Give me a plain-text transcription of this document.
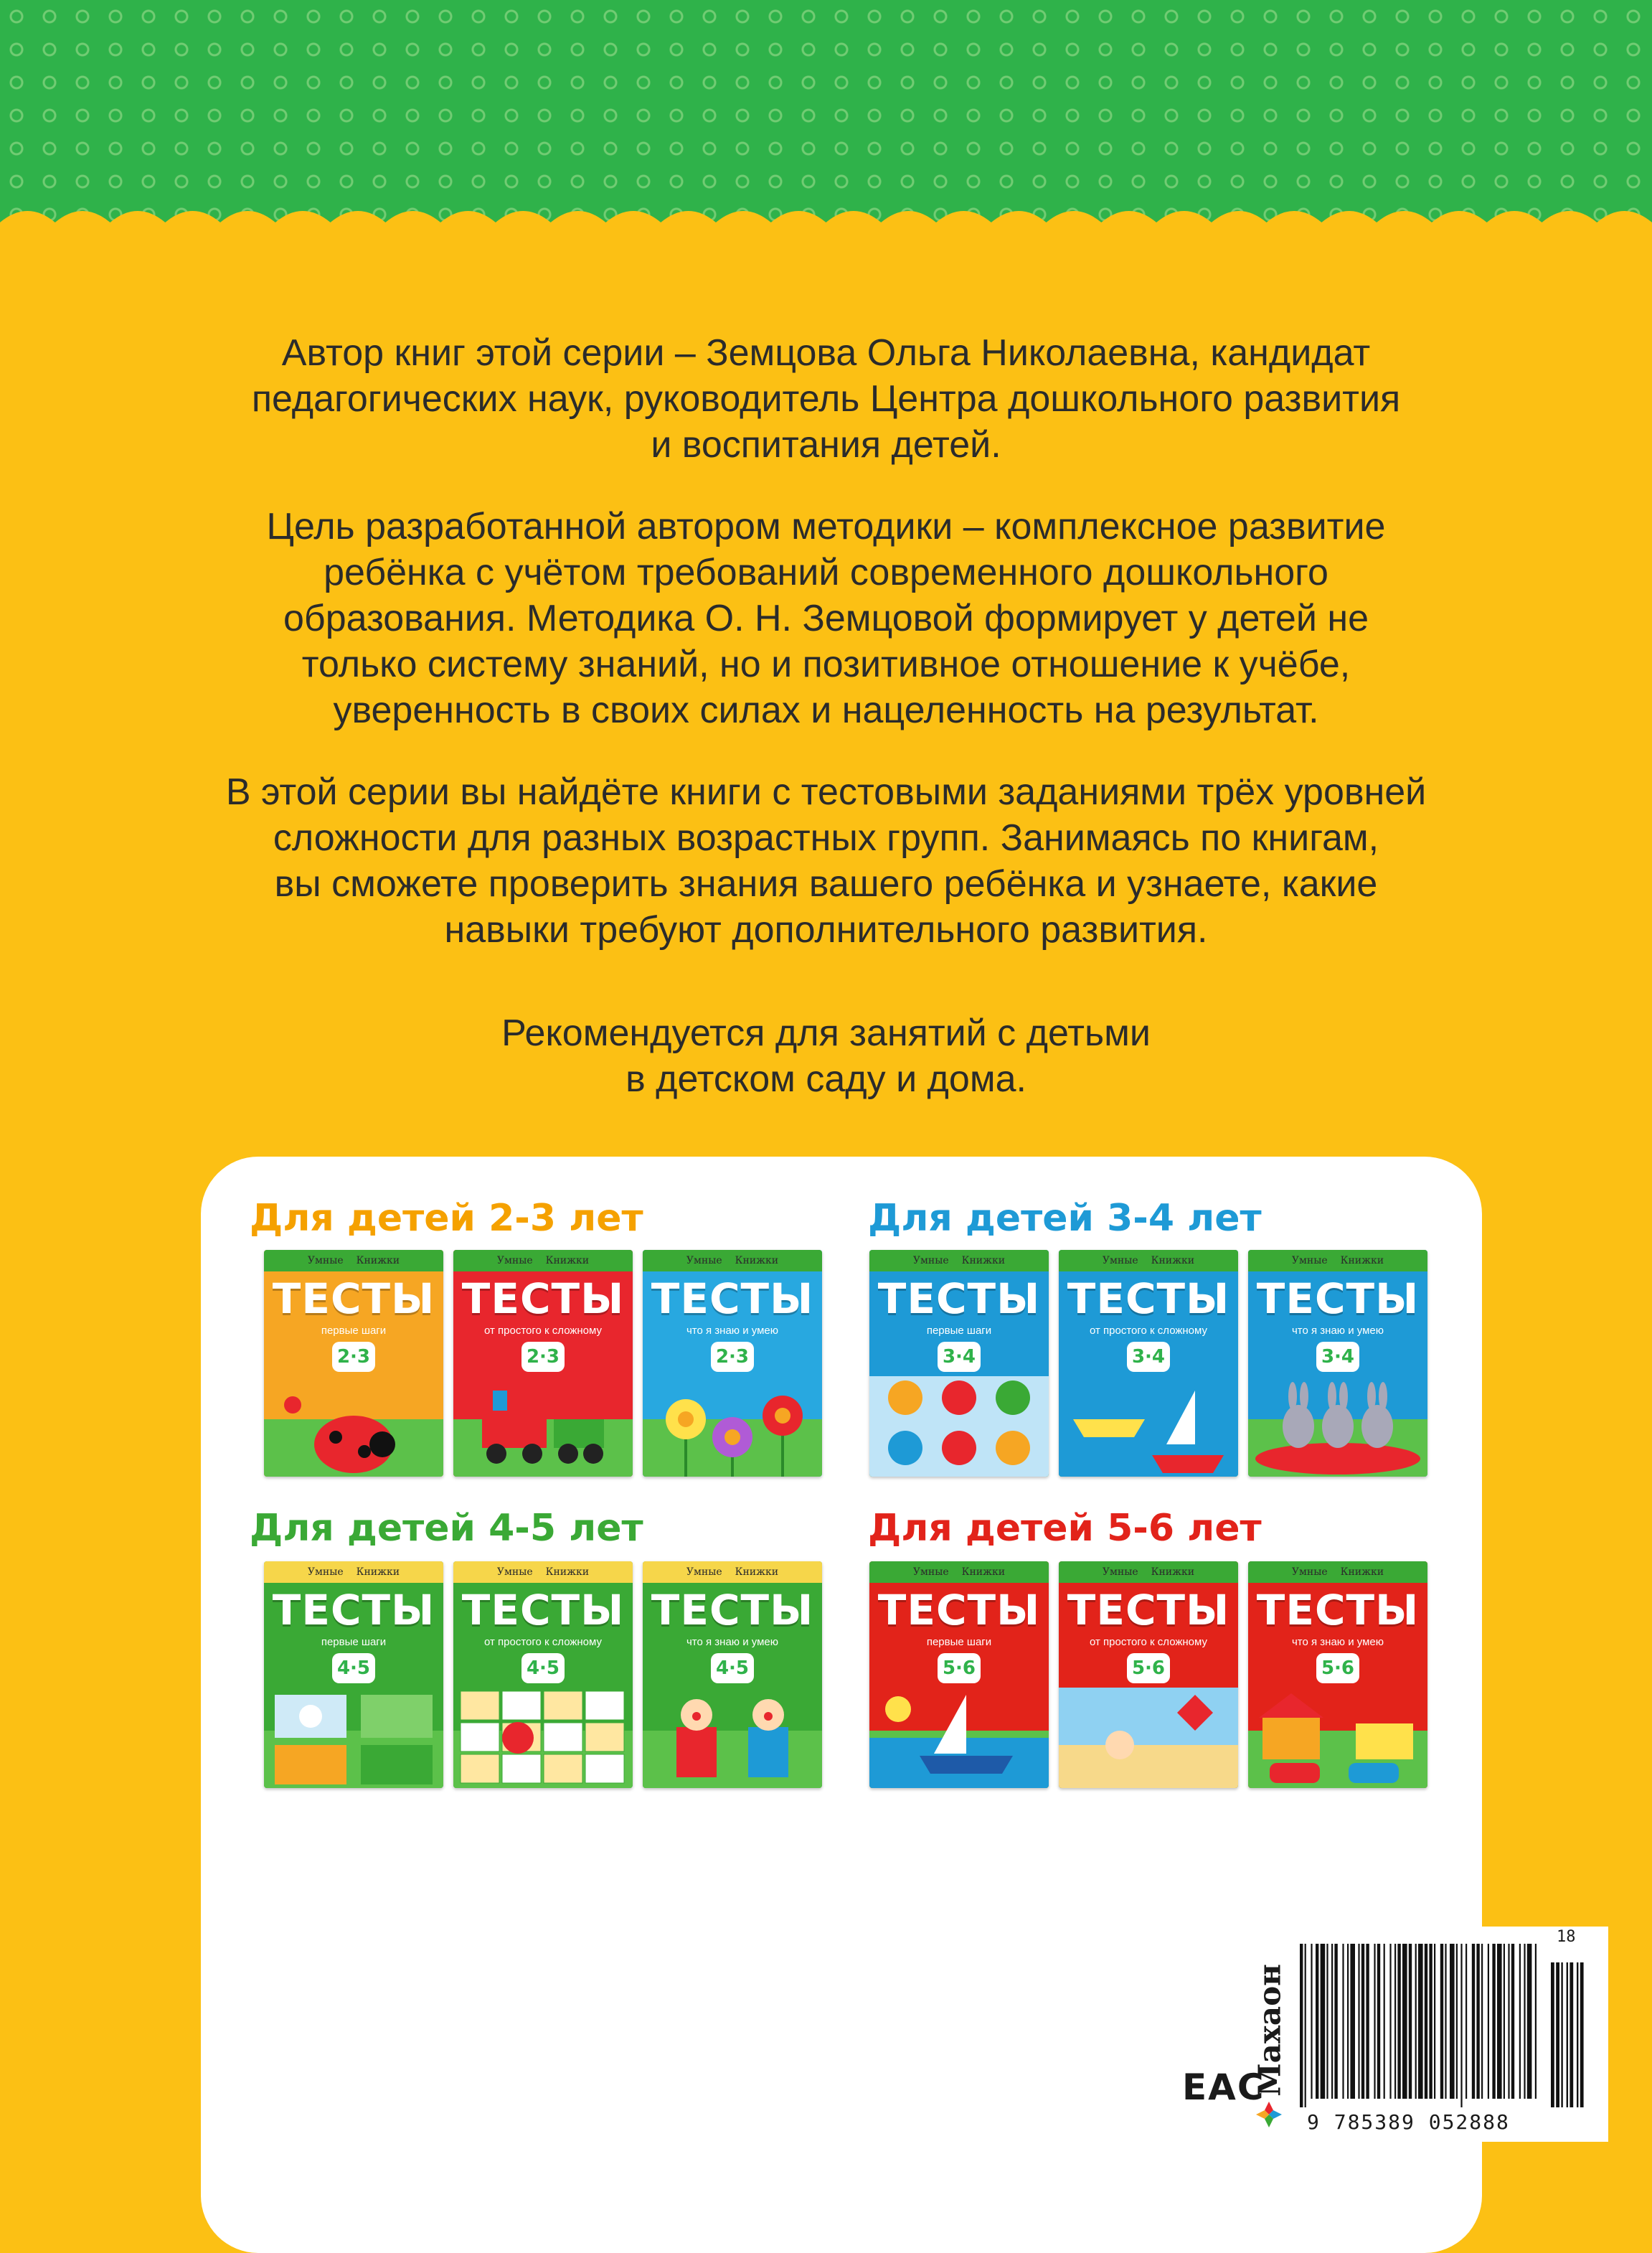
Автор книг этой серии – Земцова Ольга Николаевна, кандидат
педагогических наук, руководитель Центра дошкольного развития
и воспитания детей.
Цель разработанной автором методики – комплексное развитие
ребёнка с учётом требований современного дошкольного
образования. Методика О. Н. Земцовой формирует у детей не
только систему знаний, но и позитивное отношение к учёбе,
уверенность в своих силах и нацеленность на результат.
В этой серии вы найдёте книги с тестовыми заданиями трёх уровней
сложности для разных возрастных групп. Занимаясь по книгам,
вы сможете проверить знания вашего ребёнка и узнаете, какие
навыки требуют дополнительного развития.
Рекомендуется для занятий с детьми
в детском саду и дома.
Махаон
18
9 785389 052888
EAC
Для детей 2-3 лет
Умные Книжки
ТЕСТЫ
первые шаги
2·3
Умные Книжки
ТЕСТЫ
от простого к сложному
2·3
Умные Книжки
ТЕСТЫ
что я знаю и умею
2·3
Для детей 3-4 лет
Умные Книжки
ТЕСТЫ
первые шаги
3·4
Умные Книжки
ТЕСТЫ
от простого к сложному
3·4
Умные Книжки
ТЕСТЫ
что я знаю и умею
3·4
Для детей 4-5 лет
Умные Книжки
ТЕСТЫ
первые шаги
4·5
Умные Книжки
ТЕСТЫ
от простого к сложному
4·5
Умные Книжки
ТЕСТЫ
что я знаю и умею
4·5
Для детей 5-6 лет
Умные Книжки
ТЕСТЫ
первые шаги
5·6
Умные Книжки
ТЕСТЫ
от простого к сложному
5·6
Умные Книжки
ТЕСТЫ
что я знаю и умею
5·6
